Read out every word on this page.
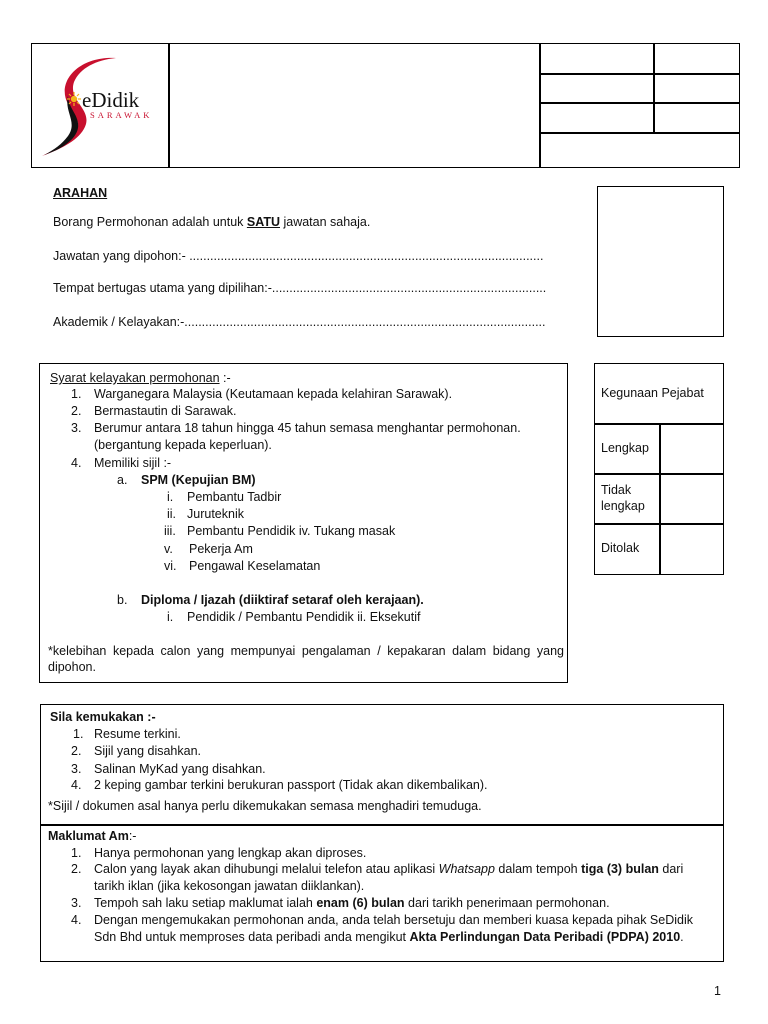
eDidik
SARAWAK
ARAHAN
Borang Permohonan adalah untuk SATU jawatan sahaja.
Jawatan yang dipohon:- ......................................................................................................
Tempat bertugas utama yang dipilihan:-...............................................................................
Akademik / Kelayakan:-........................................................................................................
Syarat kelayakan permohonan :-
1. Warganegara Malaysia (Keutamaan kepada kelahiran Sarawak).
2. Bermastautin di Sarawak.
3. Berumur antara 18 tahun hingga 45 tahun semasa menghantar permohonan.
(bergantung kepada keperluan).
4. Memiliki sijil :-
a. SPM (Kepujian BM)
i. Pembantu Tadbir
ii. Juruteknik
iii. Pembantu Pendidik iv. Tukang masak
v. Pekerja Am
vi. Pengawal Keselamatan
b. Diploma / Ijazah (diiktiraf setaraf oleh kerajaan).
i. Pendidik / Pembantu Pendidik ii. Eksekutif
*kelebihan kepada calon yang mempunyai pengalaman / kepakaran dalam bidang yang dipohon.
Kegunaan Pejabat
Lengkap
Tidak lengkap
Ditolak
Sila kemukakan :-
1. Resume terkini.
2. Sijil yang disahkan.
3. Salinan MyKad yang disahkan.
4. 2 keping gambar terkini berukuran passport (Tidak akan dikembalikan).
*Sijil / dokumen asal hanya perlu dikemukakan semasa menghadiri temuduga.
Maklumat Am:-
1. Hanya permohonan yang lengkap akan diproses.
2. Calon yang layak akan dihubungi melalui telefon atau aplikasi Whatsapp dalam tempoh tiga (3) bulan dari
tarikh iklan (jika kekosongan jawatan diiklankan).
3. Tempoh sah laku setiap maklumat ialah enam (6) bulan dari tarikh penerimaan permohonan.
4. Dengan mengemukakan permohonan anda, anda telah bersetuju dan memberi kuasa kepada pihak SeDidik
Sdn Bhd untuk memproses data peribadi anda mengikut Akta Perlindungan Data Peribadi (PDPA) 2010.
1
